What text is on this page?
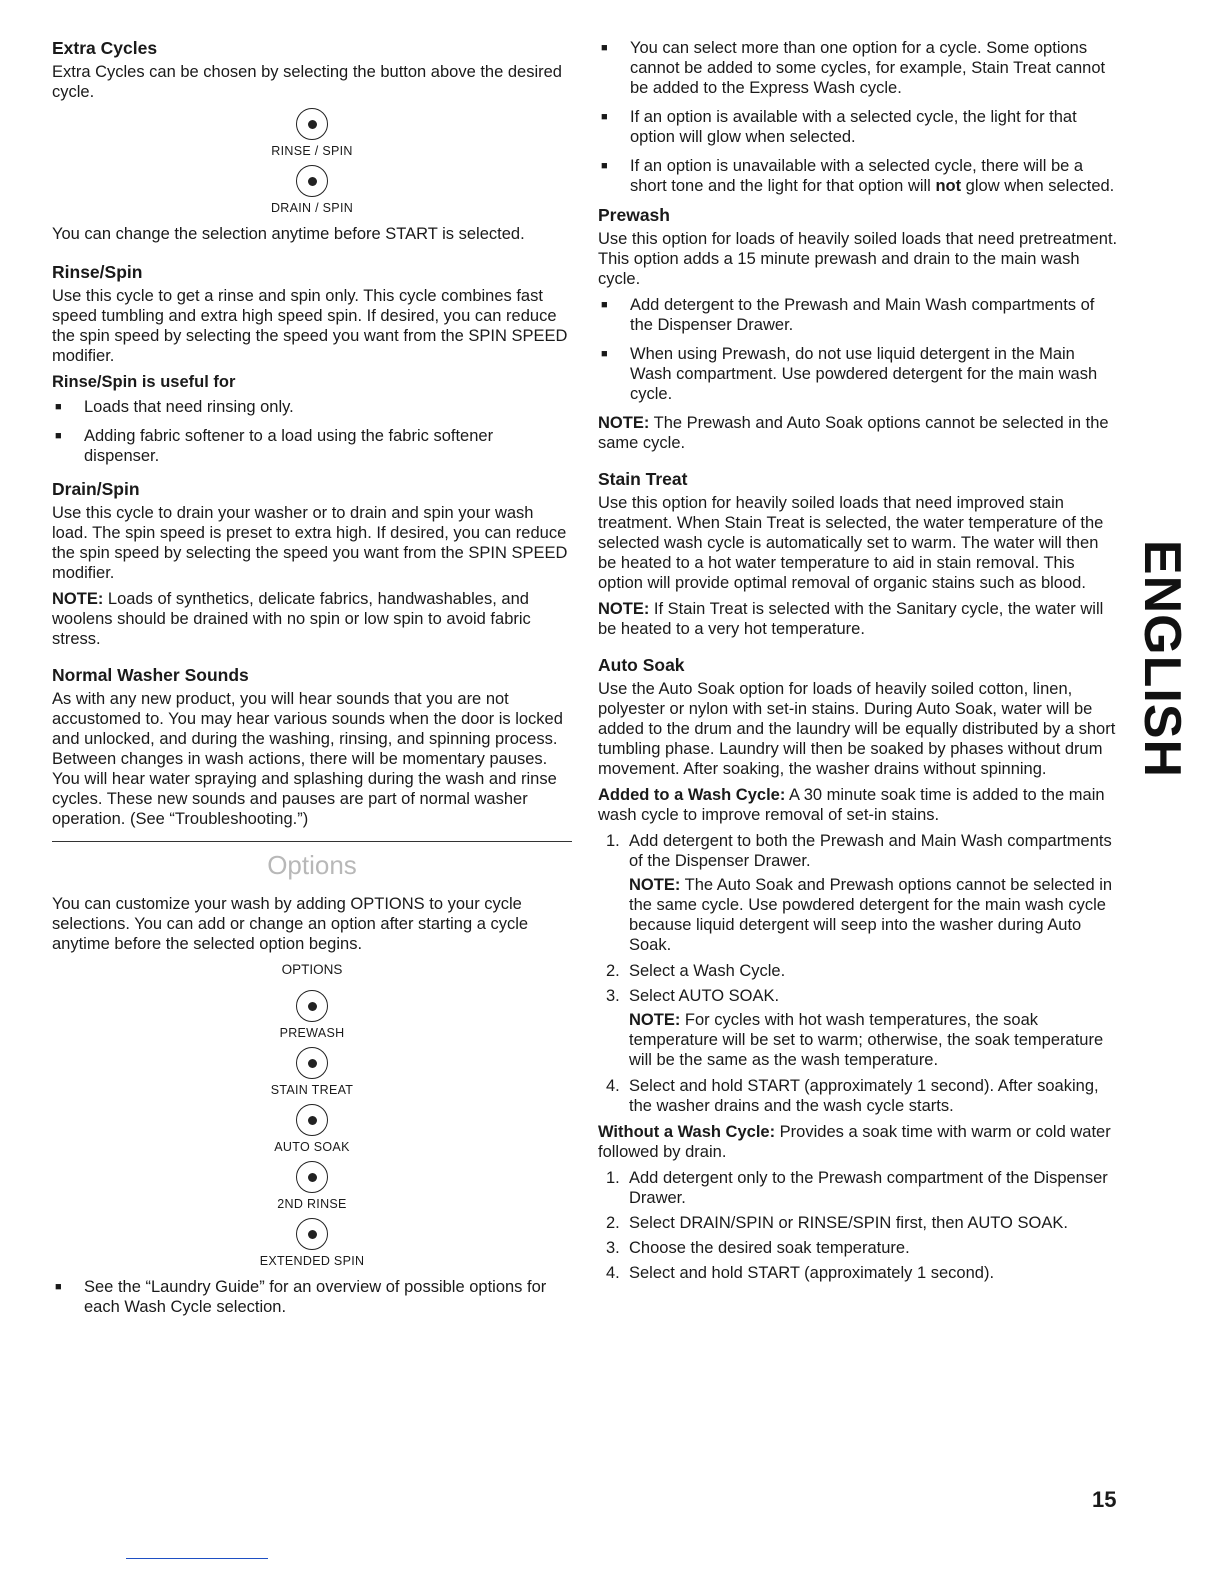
Extra Cycles

Extra Cycles can be chosen by selecting the button above the desired cycle.

RINSE / SPIN
DRAIN / SPIN

You can change the selection anytime before START is selected.

Rinse/Spin

Use this cycle to get a rinse and spin only. This cycle combines fast speed tumbling and extra high speed spin. If desired, you can reduce the spin speed by selecting the speed you want from the SPIN SPEED modifier.

Rinse/Spin is useful for

■ Loads that need rinsing only.
■ Adding fabric softener to a load using the fabric softener dispenser.
Drain/Spin

Use this cycle to drain your washer or to drain and spin your wash load. The spin speed is preset to extra high. If desired, you can reduce the spin speed by selecting the speed you want from the SPIN SPEED modifier.

NOTE: Loads of synthetics, delicate fabrics, handwashables, and woolens should be drained with no spin or low spin to avoid fabric stress.

Normal Washer Sounds

As with any new product, you will hear sounds that you are not accustomed to. You may hear various sounds when the door is locked and unlocked, and during the washing, rinsing, and spinning process. Between changes in wash actions, there will be momentary pauses. You will hear water spraying and splashing during the wash and rinse cycles. These new sounds and pauses are part of normal washer operation. (See “Troubleshooting.”)

Options

You can customize your wash by adding OPTIONS to your cycle selections. You can add or change an option after starting a cycle anytime before the selected option begins.

OPTIONS
PREWASH
STAIN TREAT
AUTO SOAK
2ND RINSE
EXTENDED SPIN
■ See the “Laundry Guide” for an overview of possible options for each Wash Cycle selection.
■ You can select more than one option for a cycle. Some options cannot be added to some cycles, for example, Stain Treat cannot be added to the Express Wash cycle.
■ If an option is available with a selected cycle, the light for that option will glow when selected.
■ If an option is unavailable with a selected cycle, there will be a short tone and the light for that option will not glow when selected.
Prewash

Use this option for loads of heavily soiled loads that need pretreatment. This option adds a 15 minute prewash and drain to the main wash cycle.

■ Add detergent to the Prewash and Main Wash compartments of the Dispenser Drawer.
■ When using Prewash, do not use liquid detergent in the Main Wash compartment. Use powdered detergent for the main wash cycle.

NOTE: The Prewash and Auto Soak options cannot be selected in the same cycle.

Stain Treat

Use this option for heavily soiled loads that need improved stain treatment. When Stain Treat is selected, the water temperature of the selected wash cycle is automatically set to warm. The water will then be heated to a hot water temperature to aid in stain removal. This option will provide optimal removal of organic stains such as blood.

NOTE: If Stain Treat is selected with the Sanitary cycle, the water will be heated to a very hot temperature.

Auto Soak

Use the Auto Soak option for loads of heavily soiled cotton, linen, polyester or nylon with set-in stains. During Auto Soak, water will be added to the drum and the laundry will be equally distributed by a short tumbling phase. Laundry will then be soaked by phases without drum movement. After soaking, the washer drains without spinning.

Added to a Wash Cycle: A 30 minute soak time is added to the main wash cycle to improve removal of set-in stains.

1. Add detergent to both the Prewash and Main Wash compartments of the Dispenser Drawer.

NOTE: The Auto Soak and Prewash options cannot be selected in the same cycle. Use powdered detergent for the main wash cycle because liquid detergent will seep into the washer during Auto Soak.

2. Select a Wash Cycle.
3. Select AUTO SOAK.

NOTE: For cycles with hot wash temperatures, the soak temperature will be set to warm; otherwise, the soak temperature will be the same as the wash temperature.

4. Select and hold START (approximately 1 second). After soaking, the washer drains and the wash cycle starts.

Without a Wash Cycle: Provides a soak time with warm or cold water followed by drain.

1. Add detergent only to the Prewash compartment of the Dispenser Drawer.
2. Select DRAIN/SPIN or RINSE/SPIN first, then AUTO SOAK.
3. Choose the desired soak temperature.
4. Select and hold START (approximately 1 second).
ENGLISH
15
